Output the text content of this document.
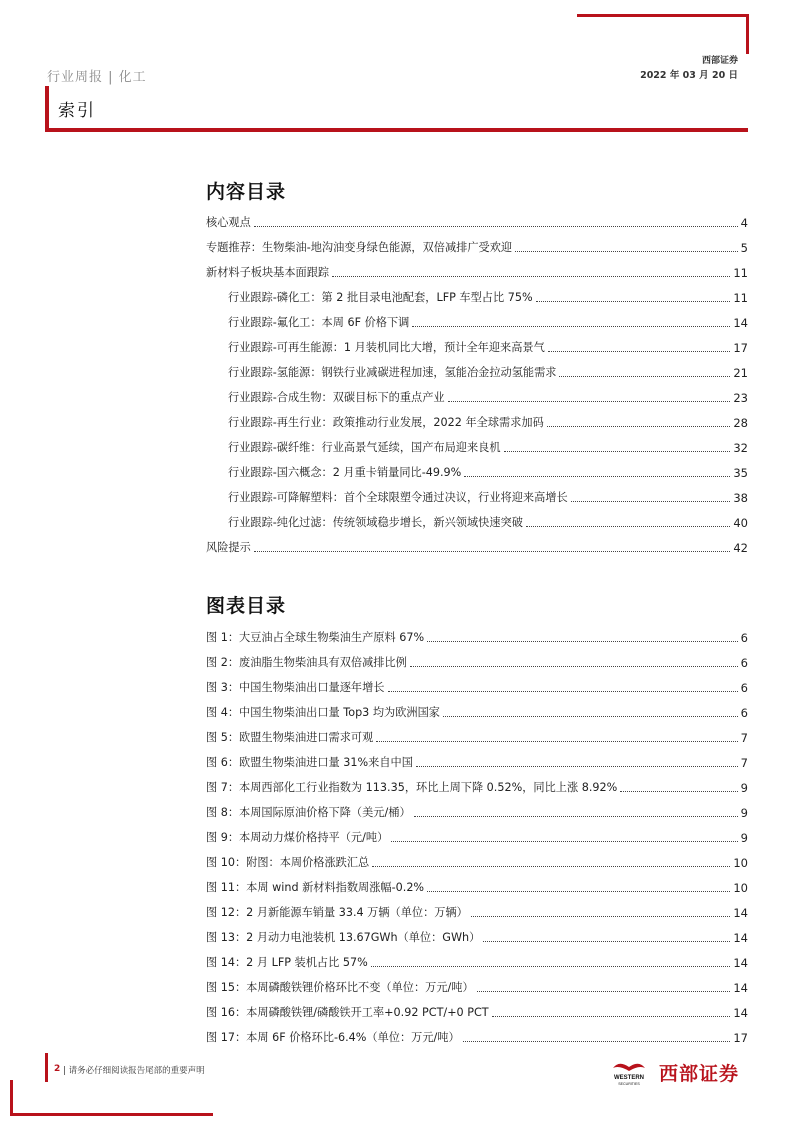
行业周报 | 化工
西部证券
2022 年 03 月 20 日
索引
内容目录
核心观点	4
专题推荐：生物柴油-地沟油变身绿色能源，双倍减排广受欢迎	5
新材料子板块基本面跟踪	11
行业跟踪-磷化工：第 2 批目录电池配套，LFP 车型占比 75%	11
行业跟踪-氟化工：本周 6F 价格下调	14
行业跟踪-可再生能源：1 月装机同比大增，预计全年迎来高景气	17
行业跟踪-氢能源：钢铁行业减碳进程加速，氢能冶金拉动氢能需求	21
行业跟踪-合成生物：双碳目标下的重点产业	23
行业跟踪-再生行业：政策推动行业发展，2022 年全球需求加码	28
行业跟踪-碳纤维：行业高景气延续，国产布局迎来良机	32
行业跟踪-国六概念：2 月重卡销量同比-49.9%	35
行业跟踪-可降解塑料：首个全球限塑令通过决议，行业将迎来高增长	38
行业跟踪-纯化过滤：传统领域稳步增长，新兴领域快速突破	40
风险提示	42
图表目录
图 1：大豆油占全球生物柴油生产原料 67%	6
图 2：废油脂生物柴油具有双倍减排比例	6
图 3：中国生物柴油出口量逐年增长	6
图 4：中国生物柴油出口量 Top3 均为欧洲国家	6
图 5：欧盟生物柴油进口需求可观	7
图 6：欧盟生物柴油进口量 31%来自中国	7
图 7：本周西部化工行业指数为 113.35，环比上周下降 0.52%，同比上涨 8.92%	9
图 8：本周国际原油价格下降（美元/桶）	9
图 9：本周动力煤价格持平（元/吨）	9
图 10：附图：本周价格涨跌汇总	10
图 11：本周 wind 新材料指数周涨幅-0.2%	10
图 12：2 月新能源车销量 33.4 万辆（单位：万辆）	14
图 13：2 月动力电池装机 13.67GWh（单位：GWh）	14
图 14：2 月 LFP 装机占比 57%	14
图 15：本周磷酸铁锂价格环比不变（单位：万元/吨）	14
图 16：本周磷酸铁锂/磷酸铁开工率+0.92 PCT/+0 PCT	14
图 17：本周 6F 价格环比-6.4%（单位：万元/吨）	17
2 | 请务必仔细阅读报告尾部的重要声明
WESTERN
SECURITIES 西部证券
